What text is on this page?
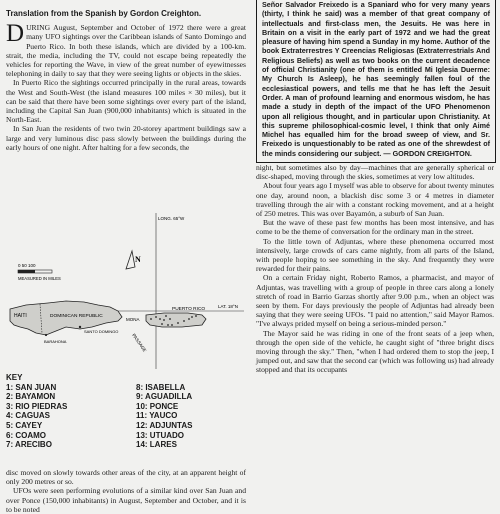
Translation from the Spanish by Gordon Creighton.
D URING August, September and October of 1972 there were a great many UFO sightings over the Caribbean islands of Santo Domingo and Puerto Rico. In both these islands, which are divided by a 100-km. strait, the media, including the TV, could not escape being repeatedly the vehicles for reporting the Wave, in view of the great number of eyewitnesses telephoning in daily to say that they were seeing lights or objects in the skies.

In Puerto Rico the sightings occurred principally in the rural areas, towards the West and South-West (the island measures 100 miles × 30 miles), but it can be said that there have been some sightings over every part of the island, including the Capital San Juan (900,000 inhabitants) which is situated in the North-East.

In San Juan the residents of two twin 20-storey apartment buildings saw a large and very luminous disc pass slowly between the buildings during the early hours of one night. After halting for a few seconds, the

Señor Salvador Freixedo is a Spaniard who for very many years (thirty, I think he said) was a member of that great company of intellectuals and first-class men, the Jesuits. He was here in Britain on a visit in the early part of 1972 and we had the great pleasure of having him spend a Sunday in my home. Author of the book Extraterrestres Y Creencias Religiosas (Extraterrestrials And Religious Beliefs) as well as two books on the current decadence of official Christianity (one of them is entitled Mi Iglesia Duerme: My Church Is Asleep), he has seemingly fallen foul of the ecclesiastical powers, and tells me that he has left the Jesuit Order. A man of profound learning and enormous wisdom, he has made a study in depth of the impact of the UFO Phenomenon upon all religious thought, and in particular upon Christianity. At this supreme philosophical-cosmic level, I think that only Aimé Michel has equalled him for the broad sweep of view, and Sr. Freixedo is unquestionably to be rated as one of the shrewdest of the minds considering our subject. — GORDON CREIGHTON.
LONG. 65°W
LAT. 18°N
0 50 100
MEASURED IN MILES
N
HAITI	DOMINICAN REPUBLIC
SANTO DOMINGO
BARAHONA
MONA
PASSAGE
PUERTO RICO
KEY
1: SAN JUAN
2: BAYAMON
3: RIO PIEDRAS
4: CAGUAS
5: CAYEY
6: COAMO
7: ARECIBO
8: ISABELLA
9: AGUADILLA
10: PONCE
11: YAUCO
12: ADJUNTAS
13: UTUADO
14: LARES

disc moved on slowly towards other areas of the city, at an apparent height of only 200 metres or so.

UFOs were seen performing evolutions of a similar kind over San Juan and over Ponce (150,000 inhabitants) in August, September and October, and it is to be noted

night, but sometimes also by day—machines that are generally spherical or disc-shaped, moving through the skies, sometimes at very low altitudes.

About four years ago I myself was able to observe for about twenty minutes one day, around noon, a blackish disc some 3 or 4 metres in diameter travelling through the air with a constant rocking movement, and at a height of 250 metres. This was over Bayamón, a suburb of San Juan.

But the wave of these past few months has been most intensive, and has come to be the theme of conversation for the ordinary man in the street.

To the little town of Adjuntas, where these phenomena occurred most intensively, large crowds of cars came nightly, from all parts of the Island, with people hoping to see something in the sky. And frequently they were rewarded for their pains.

On a certain Friday night, Roberto Ramos, a pharmacist, and mayor of Adjuntas, was travelling with a group of people in three cars along a lonely stretch of road in Barrio Garzas shortly after 9.00 p.m., when an object was seen by them. For days previously the people of Adjuntas had already been saying that they were seeing UFOs. "I paid no attention," said Mayor Ramos. "I've always prided myself on being a serious-minded person."

The Mayor said he was riding in one of the front seats of a jeep when, through the open side of the vehicle, he caught sight of "three bright discs moving through the sky." Then, "when I had ordered them to stop the jeep, I jumped out, and saw that the second car (which was following us) had already stopped and that its occupants
